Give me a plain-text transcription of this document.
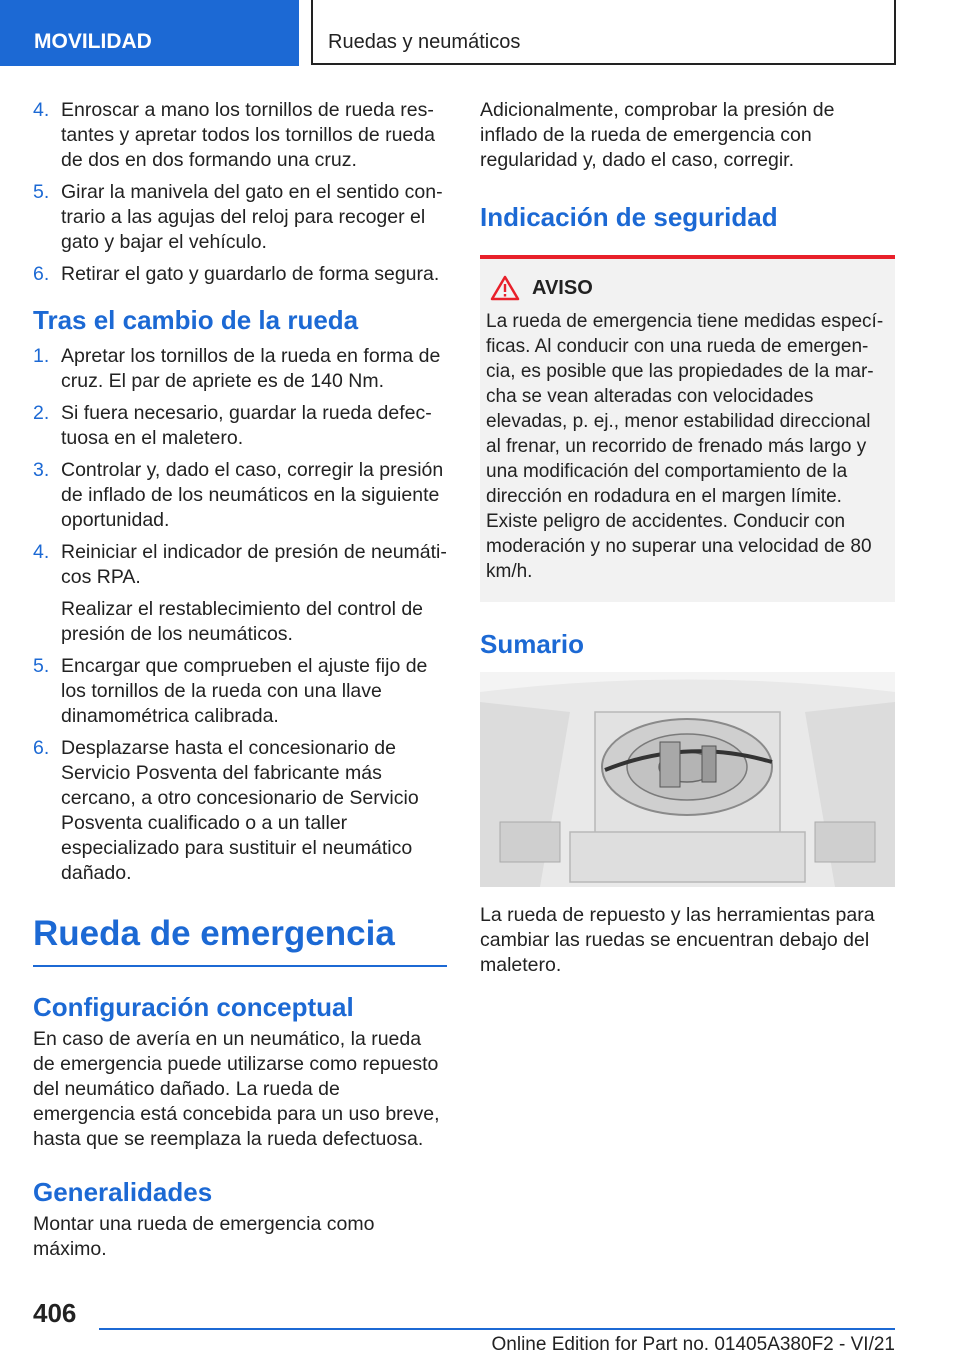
MOVILIDAD	Ruedas y neumáticos
4. Enroscar a mano los tornillos de rueda restantes y apretar todos los tornillos de rueda de dos en dos formando una cruz.
5. Girar la manivela del gato en el sentido contrario a las agujas del reloj para recoger el gato y bajar el vehículo.
6. Retirar el gato y guardarlo de forma segura.
Tras el cambio de la rueda
1. Apretar los tornillos de la rueda en forma de cruz. El par de apriete es de 140 Nm.
2. Si fuera necesario, guardar la rueda defectuosa en el maletero.
3. Controlar y, dado el caso, corregir la presión de inflado de los neumáticos en la siguiente oportunidad.
4. Reiniciar el indicador de presión de neumáticos RPA.
Realizar el restablecimiento del control de presión de los neumáticos.
5. Encargar que comprueben el ajuste fijo de los tornillos de la rueda con una llave dinamométrica calibrada.
6. Desplazarse hasta el concesionario de Servicio Posventa del fabricante más cercano, a otro concesionario de Servicio Posventa cualificado o a un taller especializado para sustituir el neumático dañado.
Rueda de emergencia
Configuración conceptual

En caso de avería en un neumático, la rueda de emergencia puede utilizarse como repuesto del neumático dañado. La rueda de emergencia está concebida para un uso breve, hasta que se reemplaza la rueda defectuosa.

Generalidades

Montar una rueda de emergencia como máximo.

Adicionalmente, comprobar la presión de inflado de la rueda de emergencia con regularidad y, dado el caso, corregir.

Indicación de seguridad
AVISO

La rueda de emergencia tiene medidas específicas. Al conducir con una rueda de emergencia, es posible que las propiedades de la marcha se vean alteradas con velocidades elevadas, p. ej., menor estabilidad direccional al frenar, un recorrido de frenado más largo y una modificación del comportamiento de la dirección en rodadura en el margen límite. Existe peligro de accidentes. Conducir con moderación y no superar una velocidad de 80 km/h.

Sumario

La rueda de repuesto y las herramientas para cambiar las ruedas se encuentran debajo del maletero.

406
Online Edition for Part no. 01405A380F2 - VI/21
